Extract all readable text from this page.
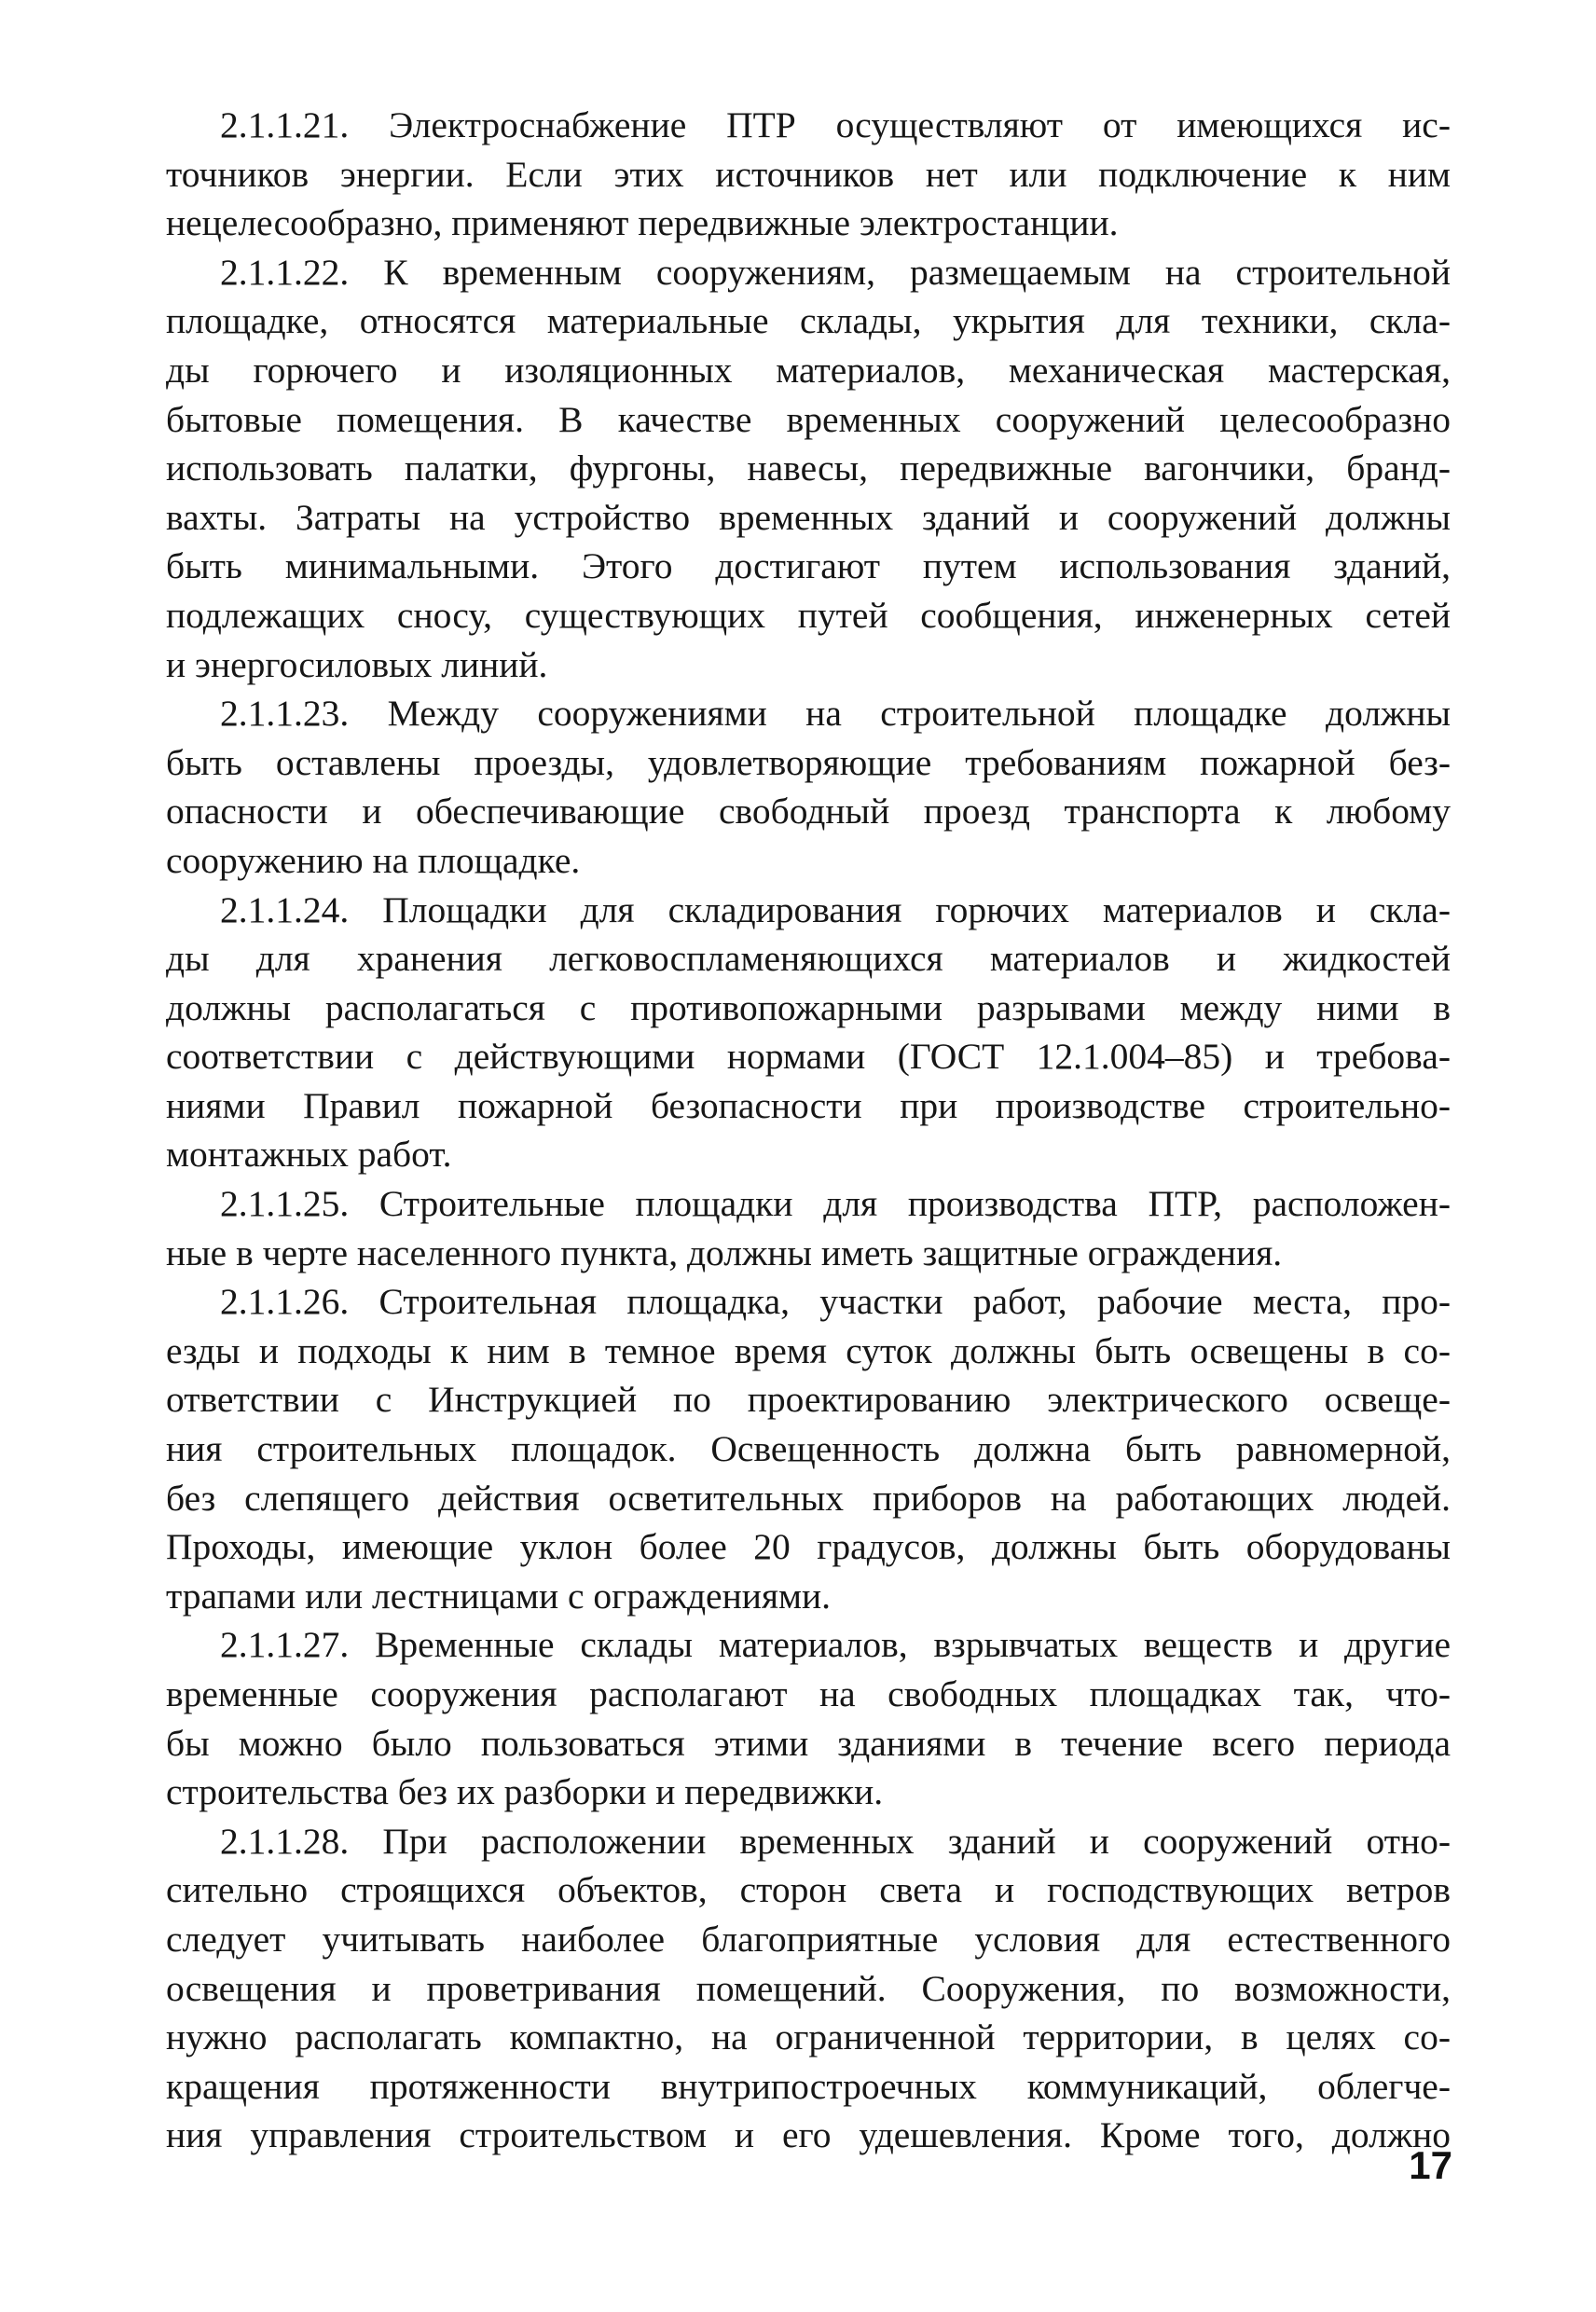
2.1.1.21. Электроснабжение ПТР осуществляют от имеющихся ис-
точников энергии. Если этих источников нет или подключение к ним
нецелесообразно, применяют передвижные электростанции.

2.1.1.22. К временным сооружениям, размещаемым на строительной
площадке, относятся материальные склады, укрытия для техники, скла-
ды горючего и изоляционных материалов, механическая мастерская,
бытовые помещения. В качестве временных сооружений целесообразно
использовать палатки, фургоны, навесы, передвижные вагончики, бранд-
вахты. Затраты на устройство временных зданий и сооружений должны
быть минимальными. Этого достигают путем использования зданий,
подлежащих сносу, существующих путей сообщения, инженерных сетей
и энергосиловых линий.

2.1.1.23. Между сооружениями на строительной площадке должны
быть оставлены проезды, удовлетворяющие требованиям пожарной без-
опасности и обеспечивающие свободный проезд транспорта к любому
сооружению на площадке.

2.1.1.24. Площадки для складирования горючих материалов и скла-
ды для хранения легковоспламеняющихся материалов и жидкостей
должны располагаться с противопожарными разрывами между ними в
соответствии с действующими нормами (ГОСТ 12.1.004–85) и требова-
ниями Правил пожарной безопасности при производстве строительно-
монтажных работ.

2.1.1.25. Строительные площадки для производства ПТР, расположен-
ные в черте населенного пункта, должны иметь защитные ограждения.

2.1.1.26. Строительная площадка, участки работ, рабочие места, про-
езды и подходы к ним в темное время суток должны быть освещены в со-
ответствии с Инструкцией по проектированию электрического освеще-
ния строительных площадок. Освещенность должна быть равномерной,
без слепящего действия осветительных приборов на работающих людей.
Проходы, имеющие уклон более 20 градусов, должны быть оборудованы
трапами или лестницами с ограждениями.

2.1.1.27. Временные склады материалов, взрывчатых веществ и другие
временные сооружения располагают на свободных площадках так, что-
бы можно было пользоваться этими зданиями в течение всего периода
строительства без их разборки и передвижки.

2.1.1.28. При расположении временных зданий и сооружений отно-
сительно строящихся объектов, сторон света и господствующих ветров
следует учитывать наиболее благоприятные условия для естественного
освещения и проветривания помещений. Сооружения, по возможности,
нужно располагать компактно, на ограниченной территории, в целях со-
кращения протяженности внутрипостроечных коммуникаций, облегче-
ния управления строительством и его удешевления. Кроме того, должно

17
